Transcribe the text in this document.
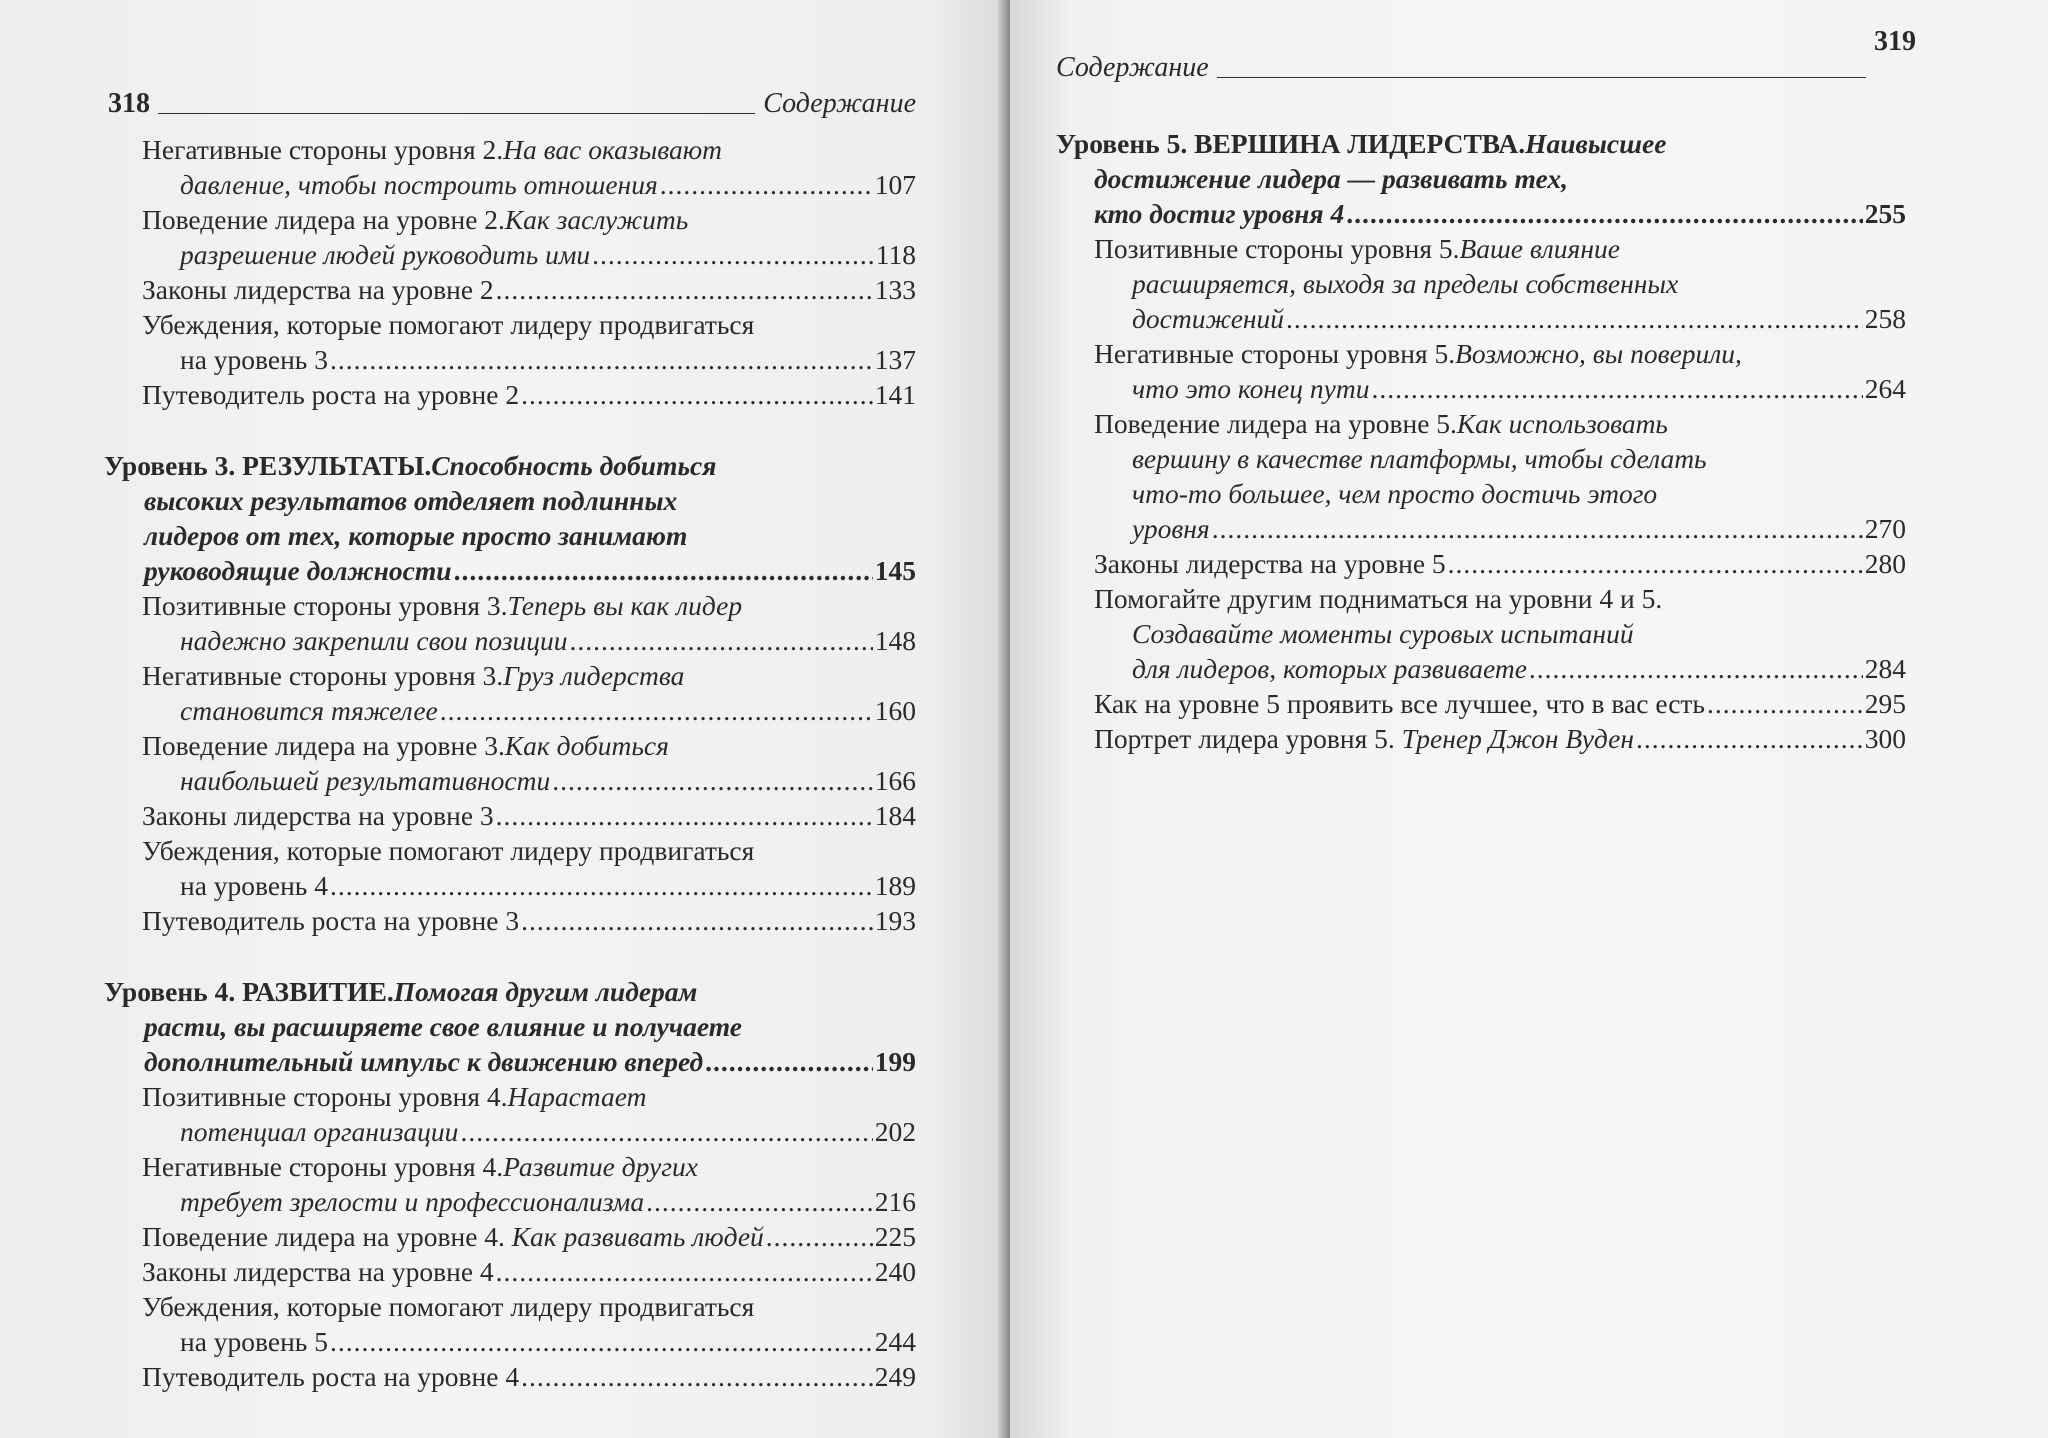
318	Содержание
Негативные стороны уровня 2. На вас оказывают
давление, чтобы построить отношения .....	107
Поведение лидера на уровне 2. Как заслужить
разрешение людей руководить ими .....	118
Законы лидерства на уровне 2 .....	133
Убеждения, которые помогают лидеру продвигаться
на уровень 3 .....	137
Путеводитель роста на уровне 2 .....	141
Уровень 3. РЕЗУЛЬТАТЫ. Способность добиться
высоких результатов отделяет подлинных
лидеров от тех, которые просто занимают
руководящие должности .....	145
Позитивные стороны уровня 3. Теперь вы как лидер
надежно закрепили свои позиции .....	148
Негативные стороны уровня 3. Груз лидерства
становится тяжелее .....	160
Поведение лидера на уровне 3. Как добиться
наибольшей результативности .....	166
Законы лидерства на уровне 3 .....	184
Убеждения, которые помогают лидеру продвигаться
на уровень 4 .....	189
Путеводитель роста на уровне 3 .....	193
Уровень 4. РАЗВИТИЕ. Помогая другим лидерам
расти, вы расширяете свое влияние и получаете
дополнительный импульс к движению вперед .....	199
Позитивные стороны уровня 4. Нарастает
потенциал организации .....	202
Негативные стороны уровня 4. Развитие других
требует зрелости и профессионализма .....	216
Поведение лидера на уровне 4. Как развивать людей .....	225
Законы лидерства на уровне 4 .....	240
Убеждения, которые помогают лидеру продвигаться
на уровень 5 .....	244
Путеводитель роста на уровне 4 .....	249
Содержание
319
Уровень 5. ВЕРШИНА ЛИДЕРСТВА. Наивысшее
достижение лидера — развивать тех,
кто достиг уровня 4 .....	255
Позитивные стороны уровня 5. Ваше влияние
расширяется, выходя за пределы собственных
достижений .....	258
Негативные стороны уровня 5. Возможно, вы поверили,
что это конец пути .....	264
Поведение лидера на уровне 5. Как использовать
вершину в качестве платформы, чтобы сделать
что-то большее, чем просто достичь этого
уровня .....	270
Законы лидерства на уровне 5 .....	280
Помогайте другим подниматься на уровни 4 и 5.
Создавайте моменты суровых испытаний
для лидеров, которых развиваете .....	284
Как на уровне 5 проявить все лучшее, что в вас есть .....	295
Портрет лидера уровня 5. Тренер Джон Вуден .....	300
